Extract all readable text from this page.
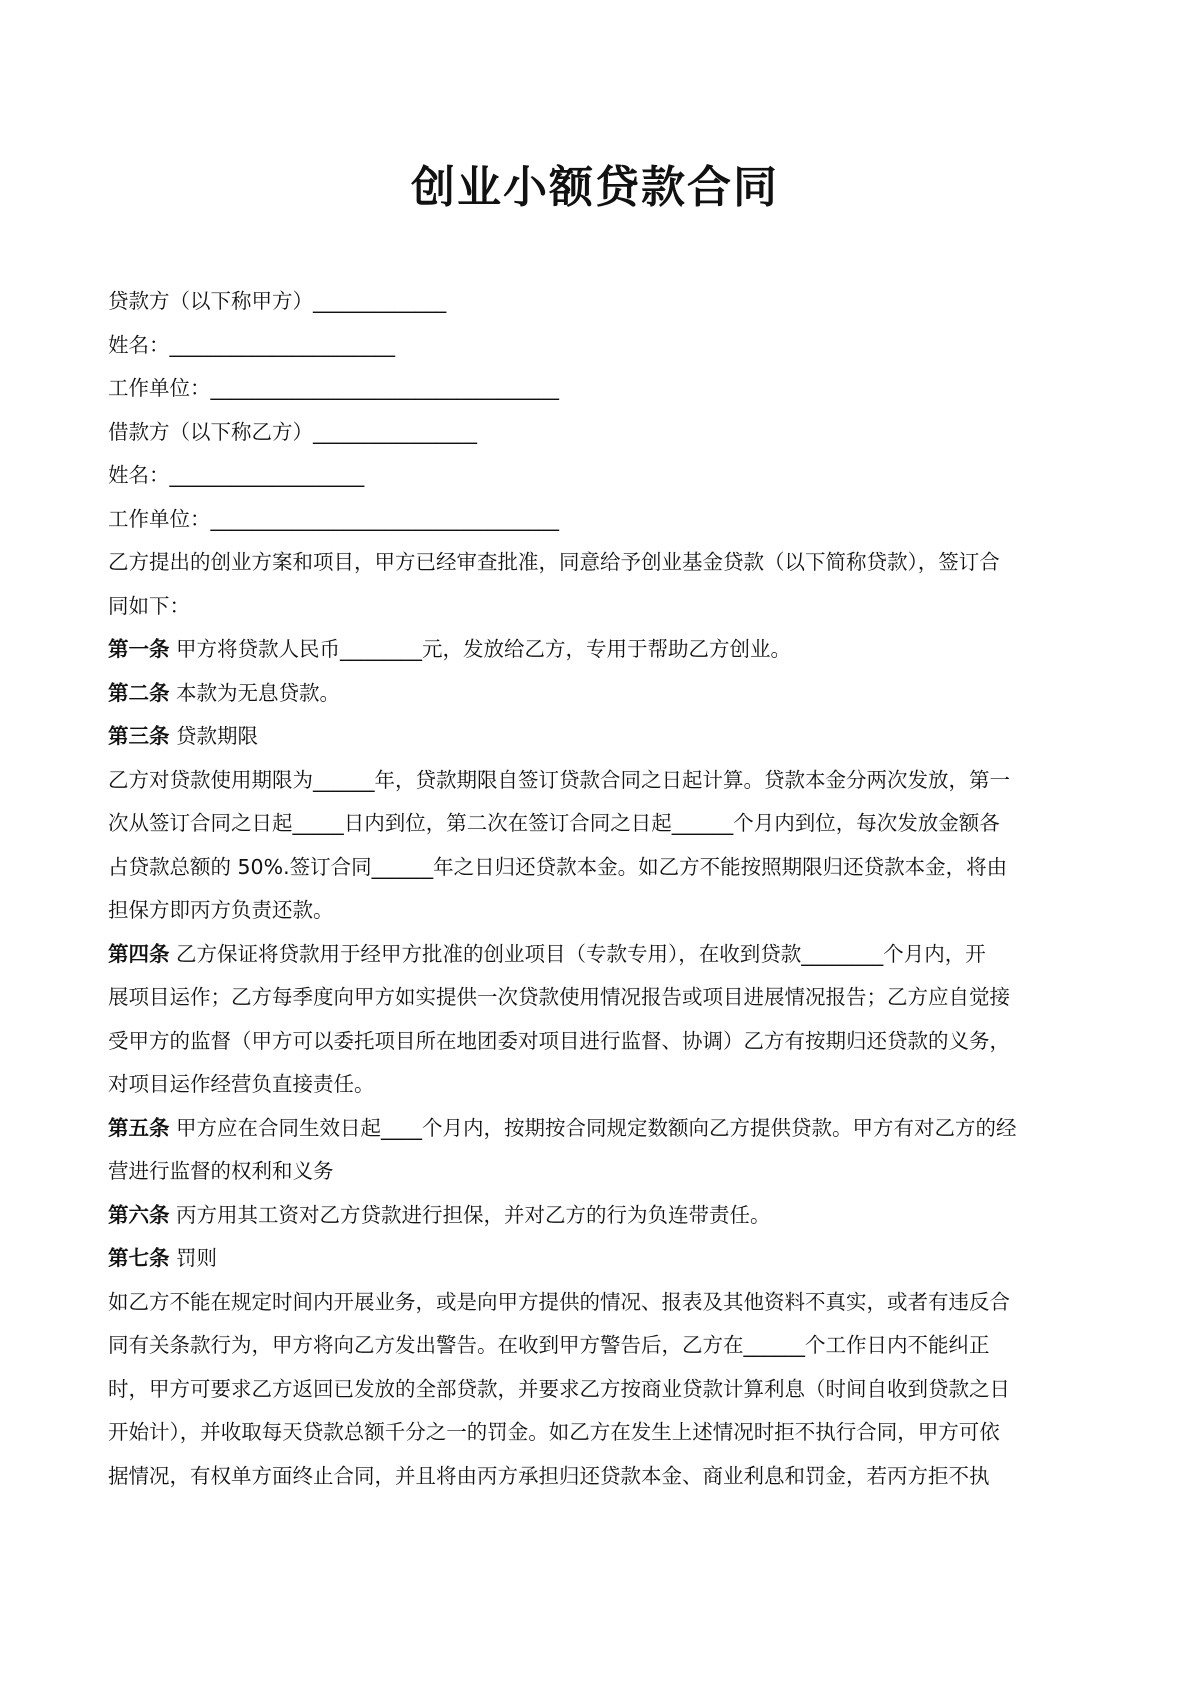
创业小额贷款合同
贷款方（以下称甲方）_____________
姓名：______________________
工作单位：__________________________________
借款方（以下称乙方）________________
姓名：___________________
工作单位：__________________________________
乙方提出的创业方案和项目，甲方已经审查批准，同意给予创业基金贷款（以下简称贷款），签订合
同如下：
第一条 甲方将贷款人民币________元，发放给乙方，专用于帮助乙方创业。
第二条 本款为无息贷款。
第三条 贷款期限
乙方对贷款使用期限为______年，贷款期限自签订贷款合同之日起计算。贷款本金分两次发放，第一
次从签订合同之日起_____日内到位，第二次在签订合同之日起______个月内到位，每次发放金额各
占贷款总额的 50%.签订合同______年之日归还贷款本金。如乙方不能按照期限归还贷款本金，将由
担保方即丙方负责还款。
第四条 乙方保证将贷款用于经甲方批准的创业项目（专款专用），在收到贷款________个月内，开
展项目运作；乙方每季度向甲方如实提供一次贷款使用情况报告或项目进展情况报告；乙方应自觉接
受甲方的监督（甲方可以委托项目所在地团委对项目进行监督、协调）乙方有按期归还贷款的义务，
对项目运作经营负直接责任。
第五条 甲方应在合同生效日起____个月内，按期按合同规定数额向乙方提供贷款。甲方有对乙方的经
营进行监督的权利和义务
第六条 丙方用其工资对乙方贷款进行担保，并对乙方的行为负连带责任。
第七条 罚则
如乙方不能在规定时间内开展业务，或是向甲方提供的情况、报表及其他资料不真实，或者有违反合
同有关条款行为，甲方将向乙方发出警告。在收到甲方警告后，乙方在______个工作日内不能纠正
时，甲方可要求乙方返回已发放的全部贷款，并要求乙方按商业贷款计算利息（时间自收到贷款之日
开始计），并收取每天贷款总额千分之一的罚金。如乙方在发生上述情况时拒不执行合同，甲方可依
据情况，有权单方面终止合同，并且将由丙方承担归还贷款本金、商业利息和罚金，若丙方拒不执
